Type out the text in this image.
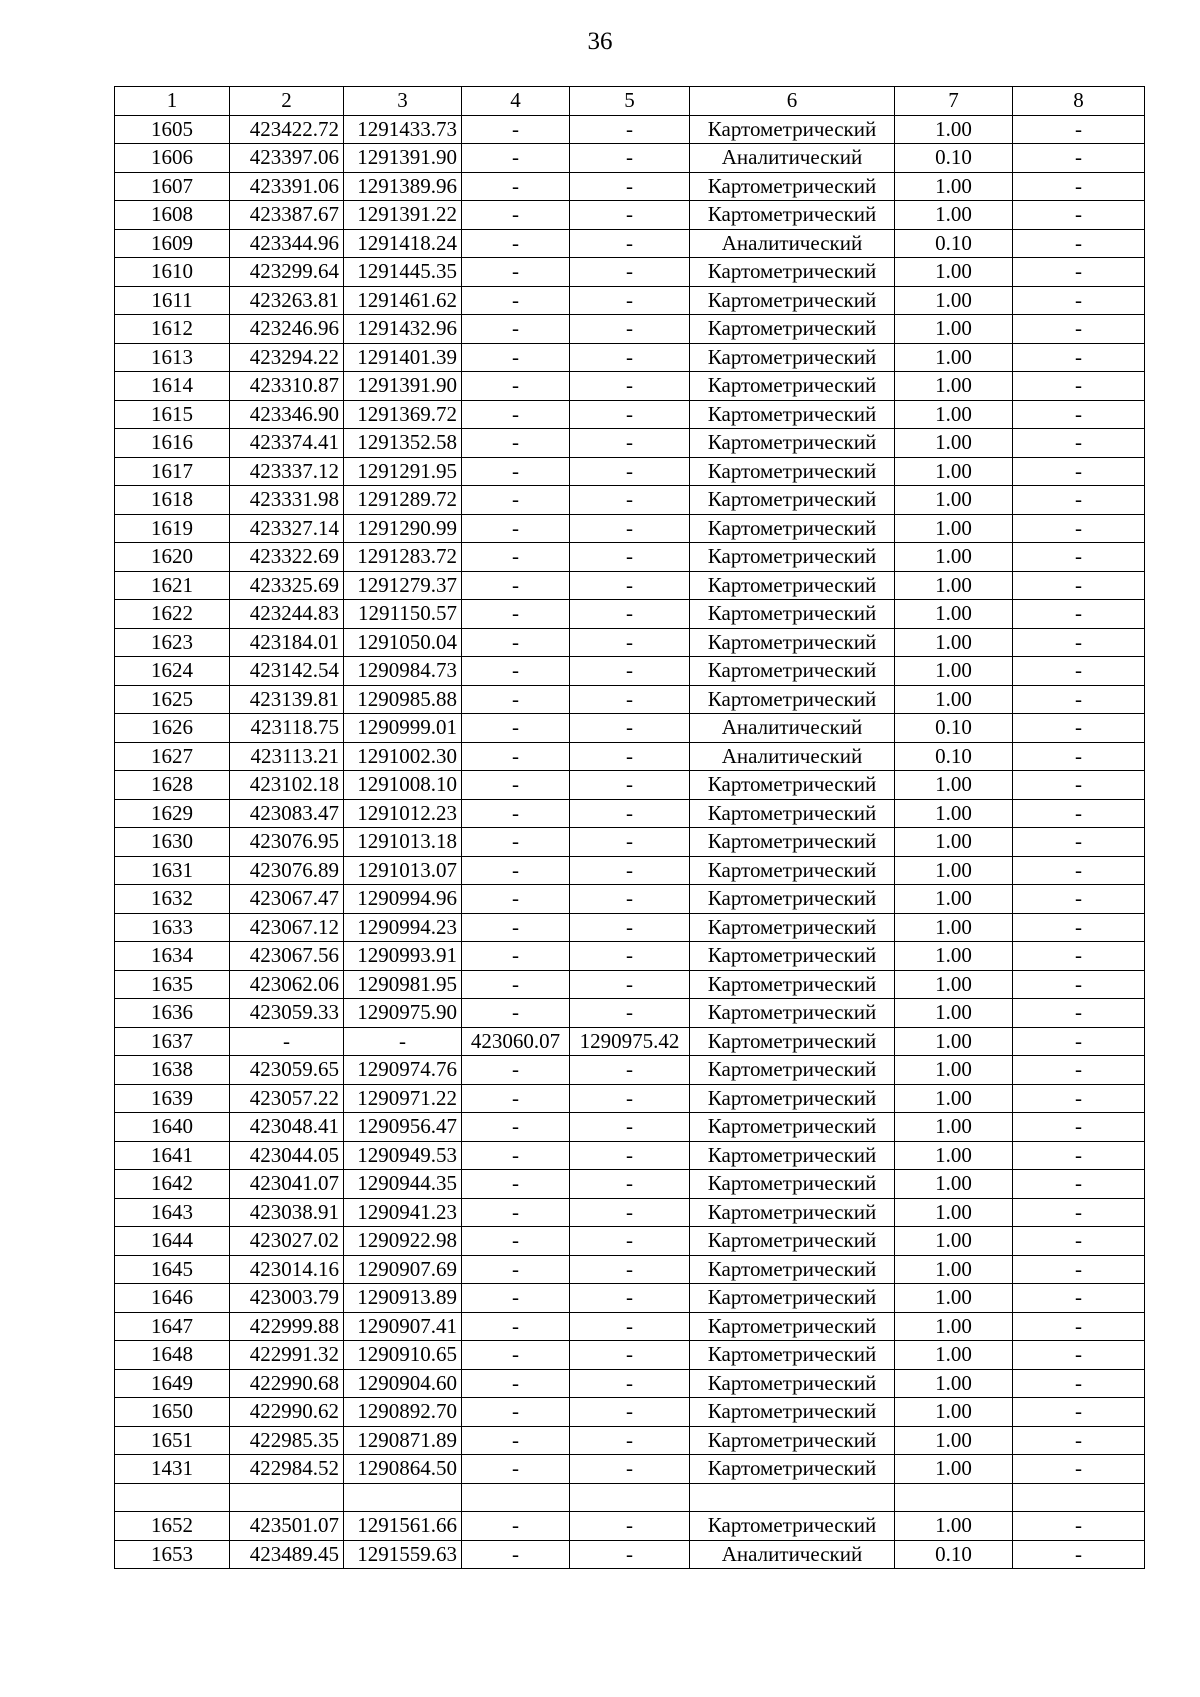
36
1	2	3	4	5	6	7	8
1605	423422.72	1291433.73	-	-	Картометрический	1.00	-
1606	423397.06	1291391.90	-	-	Аналитический	0.10	-
1607	423391.06	1291389.96	-	-	Картометрический	1.00	-
1608	423387.67	1291391.22	-	-	Картометрический	1.00	-
1609	423344.96	1291418.24	-	-	Аналитический	0.10	-
1610	423299.64	1291445.35	-	-	Картометрический	1.00	-
1611	423263.81	1291461.62	-	-	Картометрический	1.00	-
1612	423246.96	1291432.96	-	-	Картометрический	1.00	-
1613	423294.22	1291401.39	-	-	Картометрический	1.00	-
1614	423310.87	1291391.90	-	-	Картометрический	1.00	-
1615	423346.90	1291369.72	-	-	Картометрический	1.00	-
1616	423374.41	1291352.58	-	-	Картометрический	1.00	-
1617	423337.12	1291291.95	-	-	Картометрический	1.00	-
1618	423331.98	1291289.72	-	-	Картометрический	1.00	-
1619	423327.14	1291290.99	-	-	Картометрический	1.00	-
1620	423322.69	1291283.72	-	-	Картометрический	1.00	-
1621	423325.69	1291279.37	-	-	Картометрический	1.00	-
1622	423244.83	1291150.57	-	-	Картометрический	1.00	-
1623	423184.01	1291050.04	-	-	Картометрический	1.00	-
1624	423142.54	1290984.73	-	-	Картометрический	1.00	-
1625	423139.81	1290985.88	-	-	Картометрический	1.00	-
1626	423118.75	1290999.01	-	-	Аналитический	0.10	-
1627	423113.21	1291002.30	-	-	Аналитический	0.10	-
1628	423102.18	1291008.10	-	-	Картометрический	1.00	-
1629	423083.47	1291012.23	-	-	Картометрический	1.00	-
1630	423076.95	1291013.18	-	-	Картометрический	1.00	-
1631	423076.89	1291013.07	-	-	Картометрический	1.00	-
1632	423067.47	1290994.96	-	-	Картометрический	1.00	-
1633	423067.12	1290994.23	-	-	Картометрический	1.00	-
1634	423067.56	1290993.91	-	-	Картометрический	1.00	-
1635	423062.06	1290981.95	-	-	Картометрический	1.00	-
1636	423059.33	1290975.90	-	-	Картометрический	1.00	-
1637	-	-	423060.07	1290975.42	Картометрический	1.00	-
1638	423059.65	1290974.76	-	-	Картометрический	1.00	-
1639	423057.22	1290971.22	-	-	Картометрический	1.00	-
1640	423048.41	1290956.47	-	-	Картометрический	1.00	-
1641	423044.05	1290949.53	-	-	Картометрический	1.00	-
1642	423041.07	1290944.35	-	-	Картометрический	1.00	-
1643	423038.91	1290941.23	-	-	Картометрический	1.00	-
1644	423027.02	1290922.98	-	-	Картометрический	1.00	-
1645	423014.16	1290907.69	-	-	Картометрический	1.00	-
1646	423003.79	1290913.89	-	-	Картометрический	1.00	-
1647	422999.88	1290907.41	-	-	Картометрический	1.00	-
1648	422991.32	1290910.65	-	-	Картометрический	1.00	-
1649	422990.68	1290904.60	-	-	Картометрический	1.00	-
1650	422990.62	1290892.70	-	-	Картометрический	1.00	-
1651	422985.35	1290871.89	-	-	Картометрический	1.00	-
1431	422984.52	1290864.50	-	-	Картометрический	1.00	-

1652	423501.07	1291561.66	-	-	Картометрический	1.00	-
1653	423489.45	1291559.63	-	-	Аналитический	0.10	-
